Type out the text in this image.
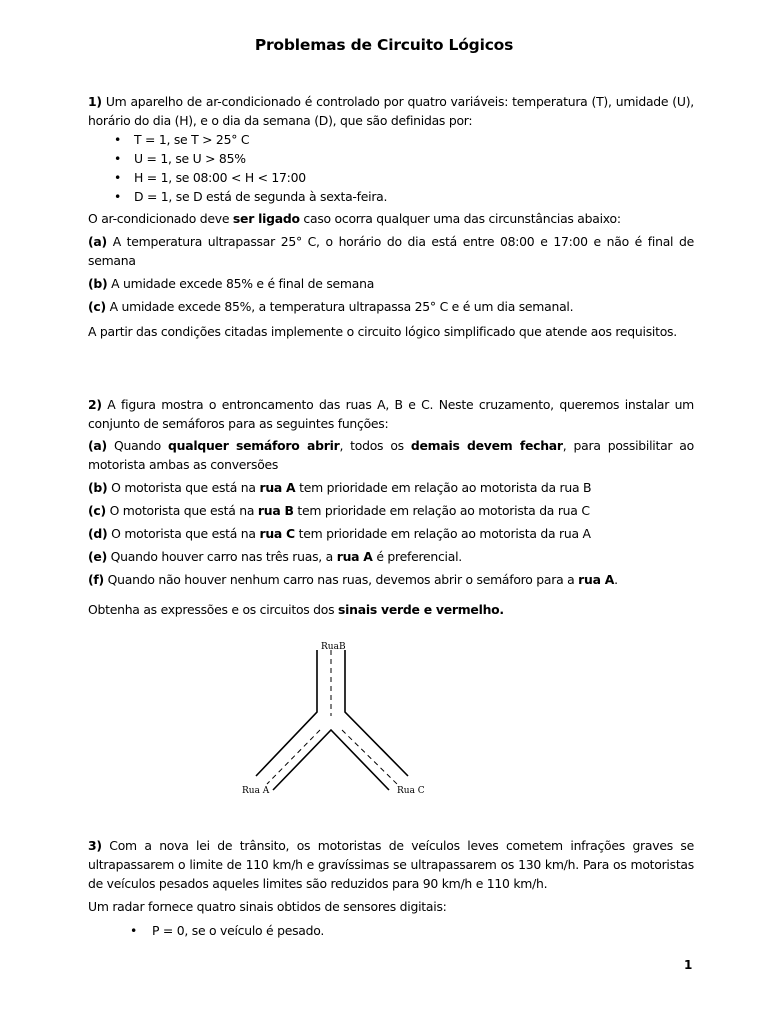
Problemas de Circuito Lógicos

1) Um aparelho de ar-condicionado é controlado por quatro variáveis: temperatura (T), umidade (U), horário do dia (H), e o dia da semana (D), que são definidas por:

• T = 1, se T > 25° C
• U = 1, se U > 85%
• H = 1, se 08:00 < H < 17:00
• D = 1, se D está de segunda à sexta-feira.

O ar-condicionado deve ser ligado caso ocorra qualquer uma das circunstâncias abaixo:

(a) A temperatura ultrapassar 25° C, o horário do dia está entre 08:00 e 17:00 e não é final de semana

(b) A umidade excede 85% e é final de semana

(c) A umidade excede 85%, a temperatura ultrapassa 25° C e é um dia semanal.

A partir das condições citadas implemente o circuito lógico simplificado que atende aos requisitos.

2) A figura mostra o entroncamento das ruas A, B e C. Neste cruzamento, queremos instalar um conjunto de semáforos para as seguintes funções:

(a) Quando qualquer semáforo abrir, todos os demais devem fechar, para possibilitar ao motorista ambas as conversões

(b) O motorista que está na rua A tem prioridade em relação ao motorista da rua B

(c) O motorista que está na rua B tem prioridade em relação ao motorista da rua C

(d) O motorista que está na rua C tem prioridade em relação ao motorista da rua A

(e) Quando houver carro nas três ruas, a rua A é preferencial.

(f) Quando não houver nenhum carro nas ruas, devemos abrir o semáforo para a rua A.

Obtenha as expressões e os circuitos dos sinais verde e vermelho.

RuaB
Rua A	Rua C

3) Com a nova lei de trânsito, os motoristas de veículos leves cometem infrações graves se ultrapassarem o limite de 110 km/h e gravíssimas se ultrapassarem os 130 km/h. Para os motoristas de veículos pesados aqueles limites são reduzidos para 90 km/h e 110 km/h.

Um radar fornece quatro sinais obtidos de sensores digitais:

• P = 0, se o veículo é pesado.
1
